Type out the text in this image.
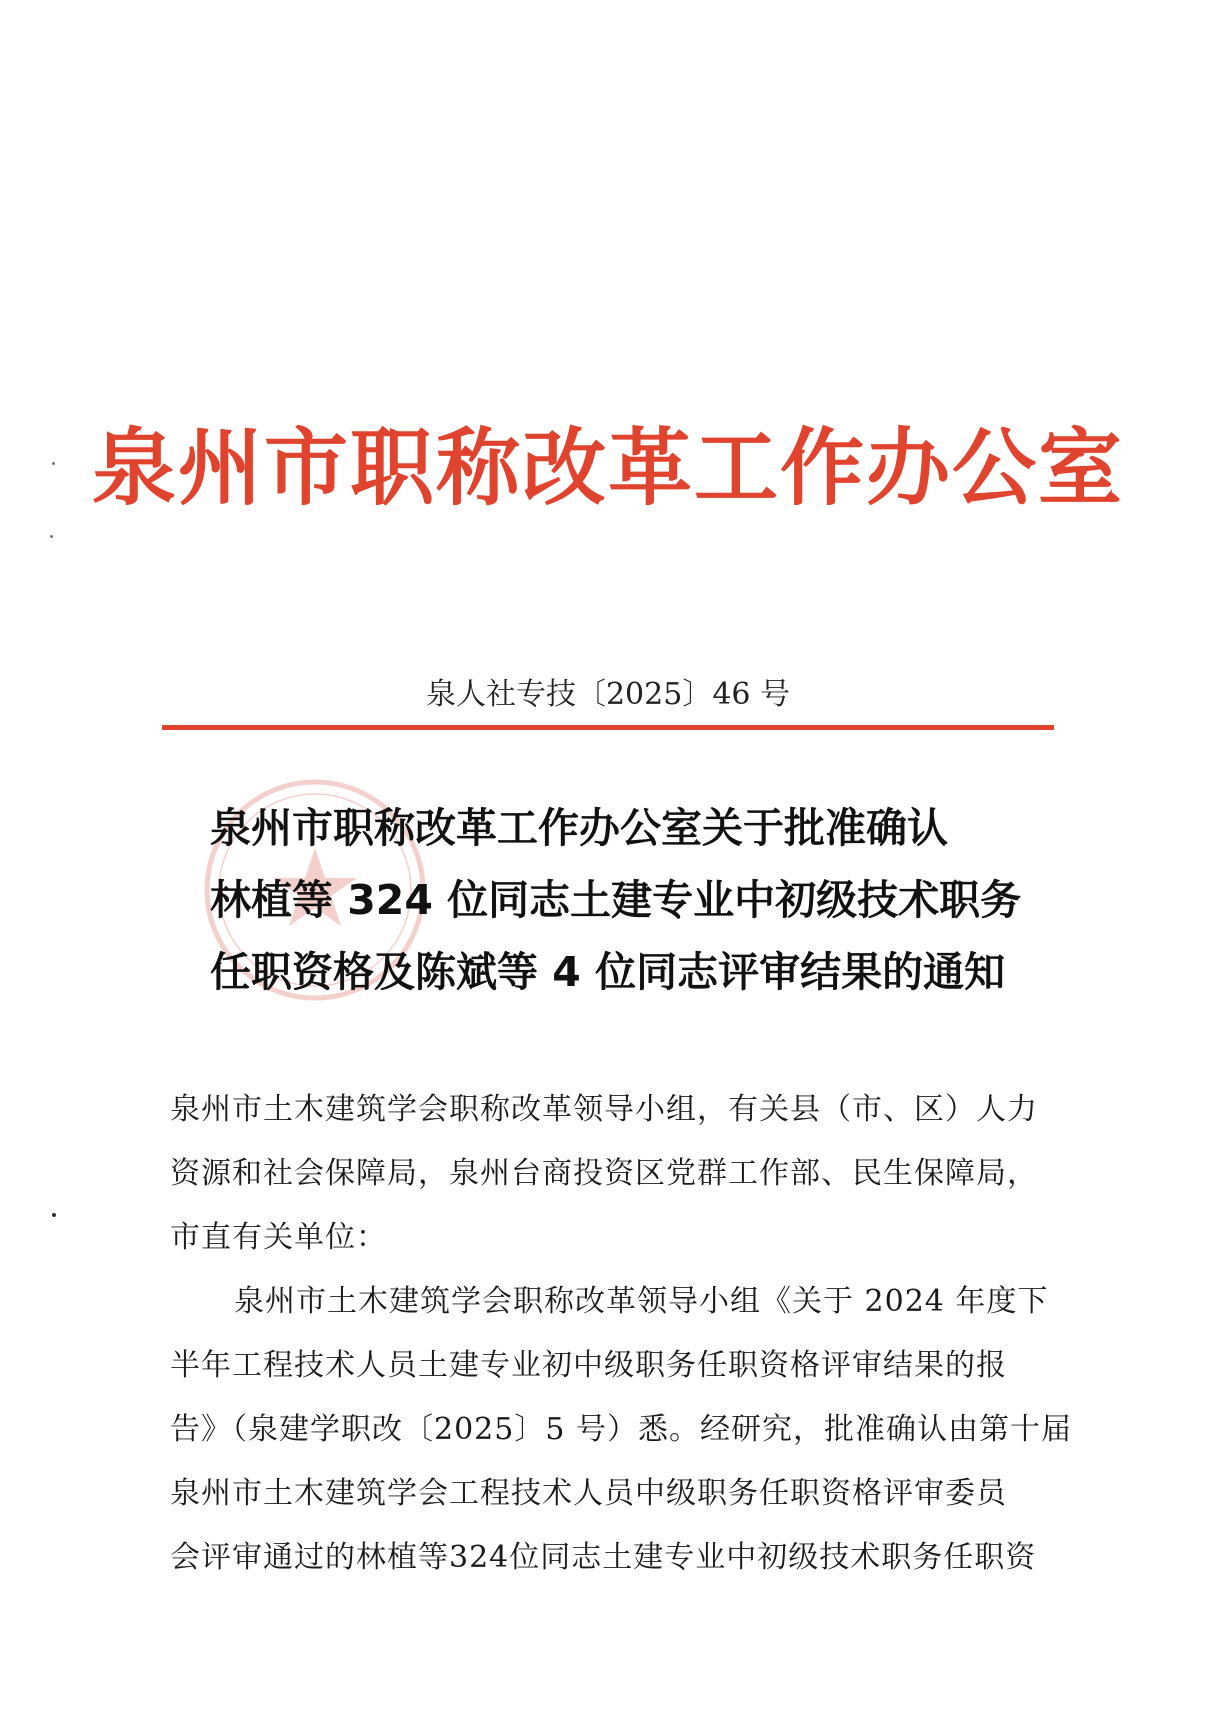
泉州市职称改革工作办公室
泉人社专技〔2025〕46 号
泉州市职称改革工作办公室关于批准确认
林植等 324 位同志土建专业中初级技术职务
任职资格及陈斌等 4 位同志评审结果的通知
泉州市土木建筑学会职称改革领导小组，有关县（市、区）人力
资源和社会保障局，泉州台商投资区党群工作部、民生保障局，
市直有关单位：
泉州市土木建筑学会职称改革领导小组《关于 2024 年度下
半年工程技术人员土建专业初中级职务任职资格评审结果的报
告》（泉建学职改〔2025〕5 号）悉。经研究，批准确认由第十届
泉州市土木建筑学会工程技术人员中级职务任职资格评审委员
会评审通过的林植等324位同志土建专业中初级技术职务任职资
